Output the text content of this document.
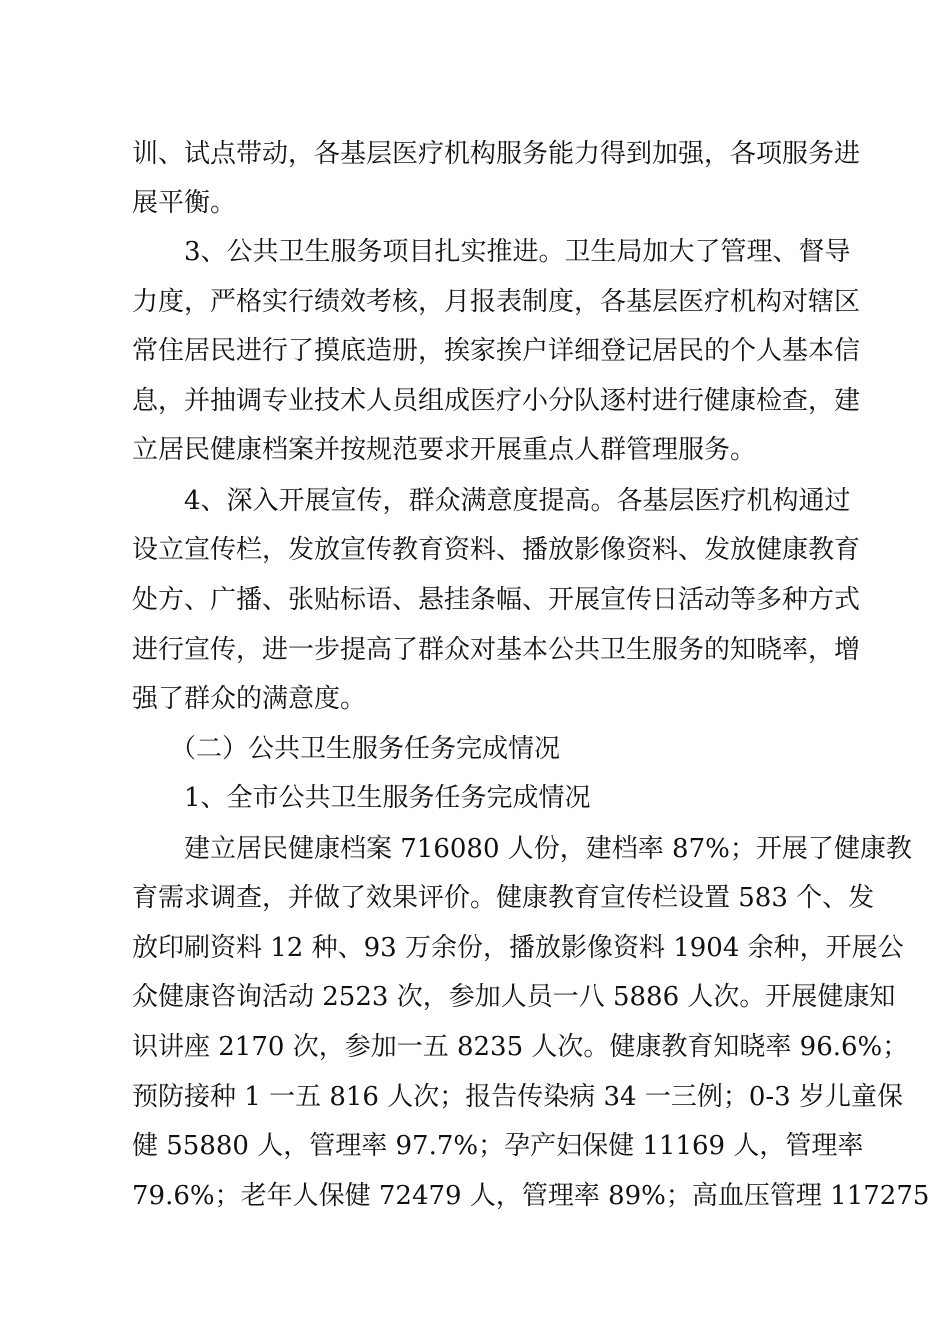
训、试点带动，各基层医疗机构服务能力得到加强，各项服务进
展平衡。
3、公共卫生服务项目扎实推进。卫生局加大了管理、督导
力度，严格实行绩效考核，月报表制度，各基层医疗机构对辖区
常住居民进行了摸底造册，挨家挨户详细登记居民的个人基本信
息，并抽调专业技术人员组成医疗小分队逐村进行健康检查，建
立居民健康档案并按规范要求开展重点人群管理服务。
4、深入开展宣传，群众满意度提高。各基层医疗机构通过
设立宣传栏，发放宣传教育资料、播放影像资料、发放健康教育
处方、广播、张贴标语、悬挂条幅、开展宣传日活动等多种方式
进行宣传，进一步提高了群众对基本公共卫生服务的知晓率，增
强了群众的满意度。
（二）公共卫生服务任务完成情况
1、全市公共卫生服务任务完成情况
建立居民健康档案 716080 人份，建档率 87%；开展了健康教
育需求调查，并做了效果评价。健康教育宣传栏设置 583 个、发
放印刷资料 12 种、93 万余份，播放影像资料 1904 余种，开展公
众健康咨询活动 2523 次，参加人员一八 5886 人次。开展健康知
识讲座 2170 次，参加一五 8235 人次。健康教育知晓率 96.6%；
预防接种 1 一五 816 人次；报告传染病 34 一三例；0-3 岁儿童保
健 55880 人，管理率 97.7%；孕产妇保健 11169 人，管理率
79.6%；老年人保健 72479 人，管理率 89%；高血压管理 117275
